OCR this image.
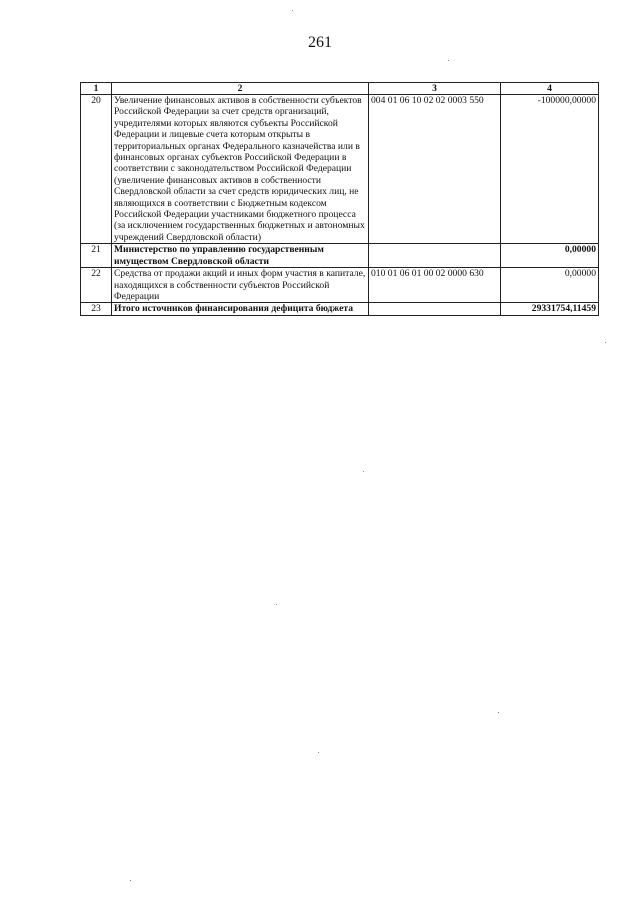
261
1	2	3	4
20	Увеличение финансовых активов в собственности субъектов Российской Федерации за счет средств организаций, учредителями которых являются субъекты Российской Федерации и лицевые счета которым открыты в территориальных органах Федерального казначейства или в финансовых органах субъектов Российской Федерации в соответствии с законодательством Российской Федерации (увеличение финансовых активов в собственности Свердловской области за счет средств юридических лиц, не являющихся в соответствии с Бюджетным кодексом Российской Федерации участниками бюджетного процесса (за исключением государственных бюджетных и автономных учреждений Свердловской области)	004 01 06 10 02 02 0003 550	-100000,00000
21	Министерство по управлению государственным имуществом Свердловской области		0,00000
22	Средства от продажи акций и иных форм участия в капитале, находящихся в собственности субъектов Российской Федерации	010 01 06 01 00 02 0000 630	0,00000
23	Итого источников финансирования дефицита бюджета		29331754,11459
